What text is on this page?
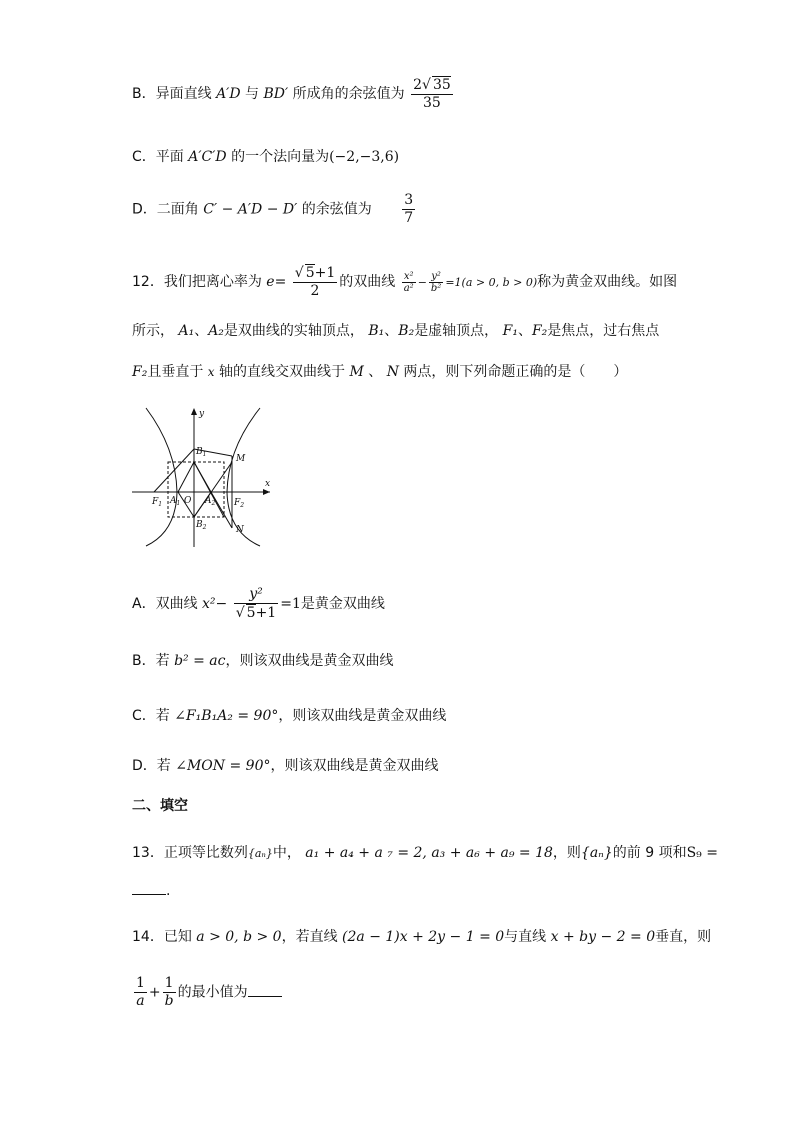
B．异面直线 A′D 与 BD′ 所成角的余弦值为 $\frac{2√ 35}{35}$
C．平面 A′C′D 的一个法向量为(−2,−3,6)
D．二面角 C′ − A′D − D′ 的余弦值为 $\frac{3}{7}$
12．我们把离心率为 $e= \frac{√ 5+1}{2}$ 的双曲线 $\frac{\text{x²}}{\text{a²}} - \frac{\text{y²}}{\text{b²}} =1(a > 0$, b > 0)称为黄金双曲线。如图
所示， A₁、A₂是双曲线的实轴顶点， B₁、B₂是虚轴顶点， F₁、F₂是焦点，过右焦点
F₂且垂直于 x 轴的直线交双曲线于 M 、 N 两点，则下列命题正确的是（　　）
y
x
$B_1$	M
$F_1$ $A_1$ O $A_2$ $F_2$
$B_2$	N
A．双曲线 $x^2- \frac{\text{y²}}{√ 5+1} =1$是黄金双曲线
B．若 b² = ac，则该双曲线是黄金双曲线
C．若 ∠F₁B₁A₂ = 90°，则该双曲线是黄金双曲线
D．若 ∠MON = 90°，则该双曲线是黄金双曲线
二、填空
13．正项等比数列{aₙ}中， a₁ + a₄ + a ₇ = 2, a₃ + a₆ + a₉ = 18，则{aₙ}的前 9 项和S₉ =
.
14．已知 a > 0, b > 0，若直线 (2a − 1)x + 2y − 1 = 0与直线 x + by − 2 = 0垂直，则
$\frac{1}{a} + \frac{1}{b}$ 的最小值为
